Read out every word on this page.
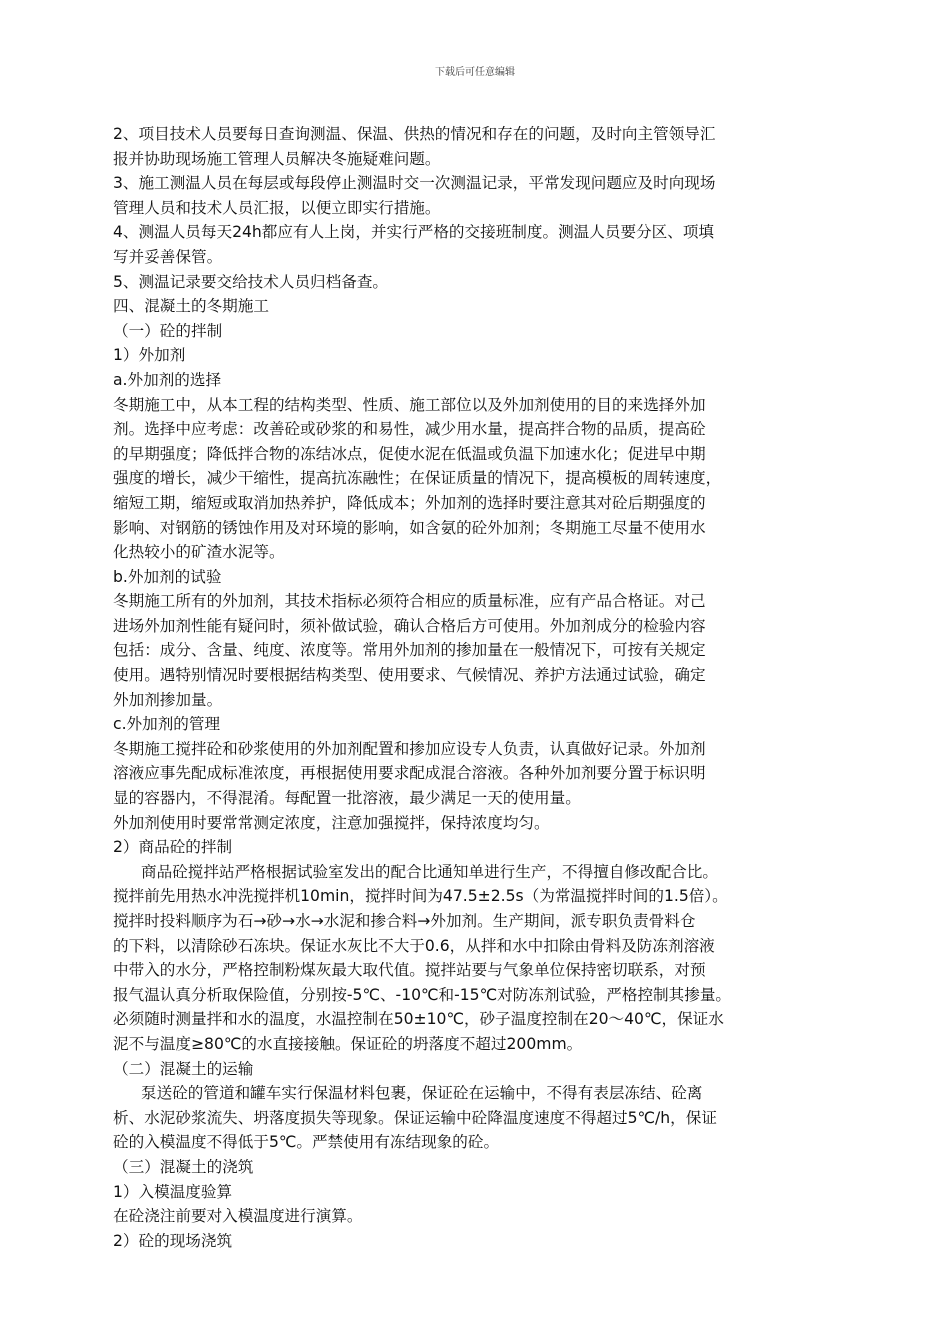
下载后可任意编辑
2、项目技术人员要每日查询测温、保温、供热的情况和存在的问题，及时向主管领导汇
报并协助现场施工管理人员解决冬施疑难问题。
3、施工测温人员在每层或每段停止测温时交一次测温记录，平常发现问题应及时向现场
管理人员和技术人员汇报，以便立即实行措施。
4、测温人员每天24h都应有人上岗，并实行严格的交接班制度。测温人员要分区、项填
写并妥善保管。
5、测温记录要交给技术人员归档备查。
四、混凝土的冬期施工
（一）砼的拌制
1）外加剂
a.外加剂的选择
冬期施工中，从本工程的结构类型、性质、施工部位以及外加剂使用的目的来选择外加
剂。选择中应考虑：改善砼或砂浆的和易性，减少用水量，提高拌合物的品质，提高砼
的早期强度；降低拌合物的冻结冰点，促使水泥在低温或负温下加速水化；促进早中期
强度的增长，减少干缩性，提高抗冻融性；在保证质量的情况下，提高模板的周转速度，
缩短工期，缩短或取消加热养护，降低成本；外加剂的选择时要注意其对砼后期强度的
影响、对钢筋的锈蚀作用及对环境的影响，如含氨的砼外加剂；冬期施工尽量不使用水
化热较小的矿渣水泥等。
b.外加剂的试验
冬期施工所有的外加剂，其技术指标必须符合相应的质量标准，应有产品合格证。对己
进场外加剂性能有疑问时，须补做试验，确认合格后方可使用。外加剂成分的检验内容
包括：成分、含量、纯度、浓度等。常用外加剂的掺加量在一般情况下，可按有关规定
使用。遇特别情况时要根据结构类型、使用要求、气候情况、养护方法通过试验，确定
外加剂掺加量。
c.外加剂的管理
冬期施工搅拌砼和砂浆使用的外加剂配置和掺加应设专人负责，认真做好记录。外加剂
溶液应事先配成标准浓度，再根据使用要求配成混合溶液。各种外加剂要分置于标识明
显的容器内，不得混淆。每配置一批溶液，最少满足一天的使用量。
外加剂使用时要常常测定浓度，注意加强搅拌，保持浓度均匀。
2）商品砼的拌制
商品砼搅拌站严格根据试验室发出的配合比通知单进行生产，不得擅自修改配合比。
搅拌前先用热水冲洗搅拌机10min，搅拌时间为47.5±2.5s（为常温搅拌时间的1.5倍）。
搅拌时投料顺序为石→砂→水→水泥和掺合料→外加剂。生产期间，派专职负责骨料仓
的下料，以清除砂石冻块。保证水灰比不大于0.6，从拌和水中扣除由骨料及防冻剂溶液
中带入的水分，严格控制粉煤灰最大取代值。搅拌站要与气象单位保持密切联系，对预
报气温认真分析取保险值，分别按-5℃、-10℃和-15℃对防冻剂试验，严格控制其掺量。
必须随时测量拌和水的温度，水温控制在50±10℃，砂子温度控制在20～40℃，保证水
泥不与温度≥80℃的水直接接触。保证砼的坍落度不超过200mm。
（二）混凝土的运输
泵送砼的管道和罐车实行保温材料包裹，保证砼在运输中，不得有表层冻结、砼离
析、水泥砂浆流失、坍落度损失等现象。保证运输中砼降温度速度不得超过5℃/h，保证
砼的入模温度不得低于5℃。严禁使用有冻结现象的砼。
（三）混凝土的浇筑
1）入模温度验算
在砼浇注前要对入模温度进行演算。
2）砼的现场浇筑
